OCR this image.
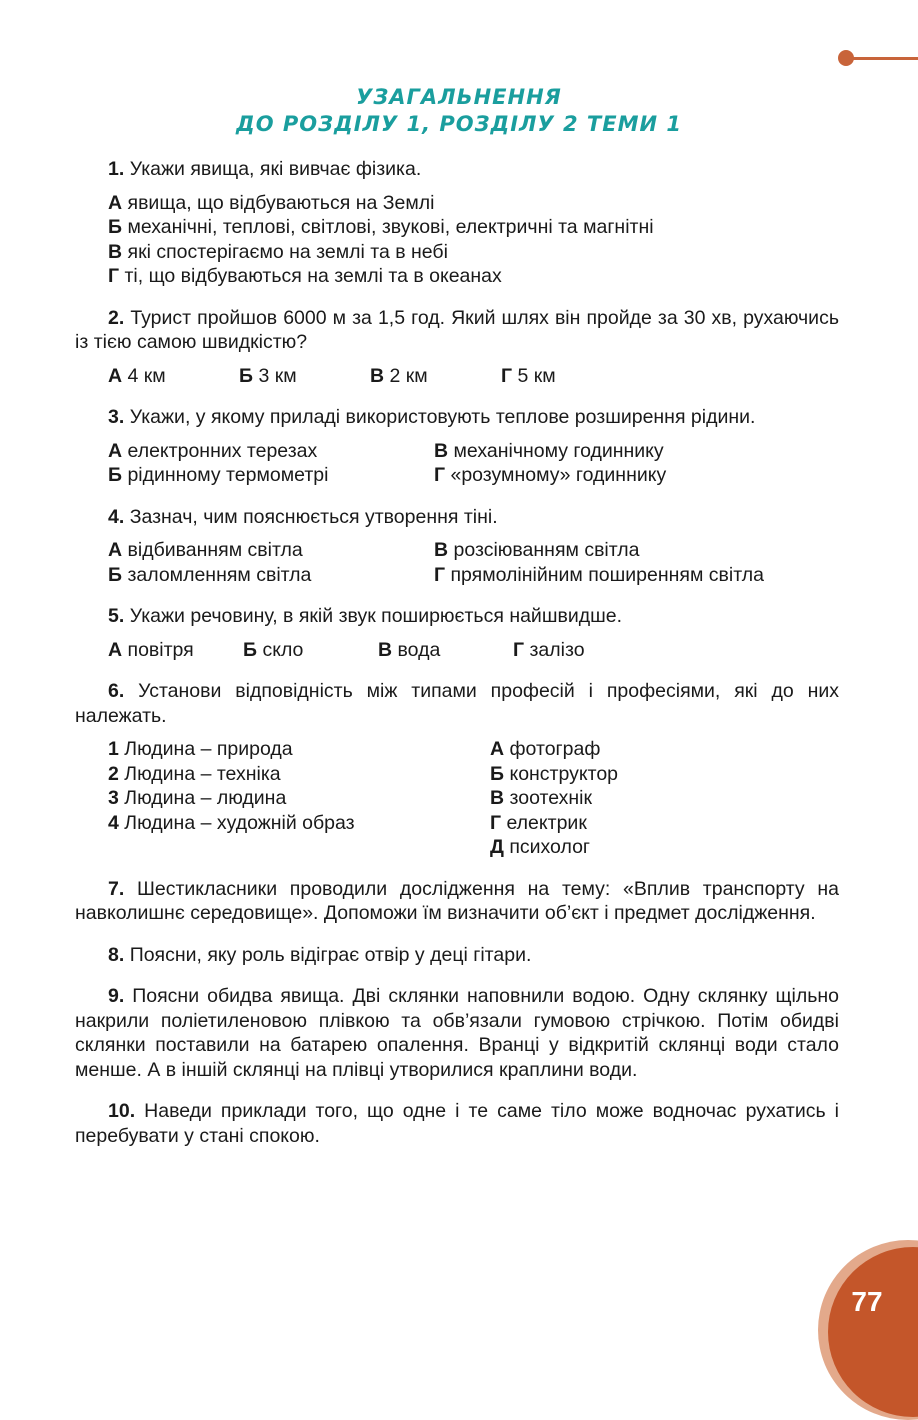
УЗАГАЛЬНЕННЯ
ДО РОЗДІЛУ 1, РОЗДІЛУ 2 ТЕМИ 1

1. Укажи явища, які вивчає фізика.

А явища, що відбуваються на Землі
Б механічні, теплові, світлові, звукові, електричні та магнітні
В які спостерігаємо на землі та в небі
Г ті, що відбуваються на землі та в океанах

2. Турист пройшов 6000 м за 1,5 год. Який шлях він пройде за 30 хв, рухаючись із тією самою швидкістю?

А 4 км	Б 3 км	В 2 км	Г 5 км

3. Укажи, у якому приладі використовують теплове розширення рідини.

А електронних терезах	В механічному годиннику
Б рідинному термометрі	Г «розумному» годиннику

4. Зазнач, чим пояснюється утворення тіні.

А відбиванням світла	В розсіюванням світла
Б заломленням світла	Г прямолінійним поширенням світла

5. Укажи речовину, в якій звук поширюється найшвидше.

А повітря	Б скло	В вода	Г залізо

6. Установи відповідність між типами професій і професіями, які до них належать.

1 Людина – природа	А фотограф
2 Людина – техніка	Б конструктор
3 Людина – людина	В зоотехнік
4 Людина – художній образ	Г електрик
Д психолог

7. Шестикласники проводили дослідження на тему: «Вплив транспорту на навколишнє середовище». Допоможи їм визначити об’єкт і предмет дослідження.

8. Поясни, яку роль відіграє отвір у деці гітари.

9. Поясни обидва явища. Дві склянки наповнили водою. Одну склянку щільно накрили поліетиленовою плівкою та обв’язали гумовою стрічкою. Потім обидві склянки поставили на батарею опалення. Вранці у відкритій склянці води стало менше. А в іншій склянці на плівці утворилися краплини води.

10. Наведи приклади того, що одне і те саме тіло може водночас рухатись і перебувати у стані спокою.

77
